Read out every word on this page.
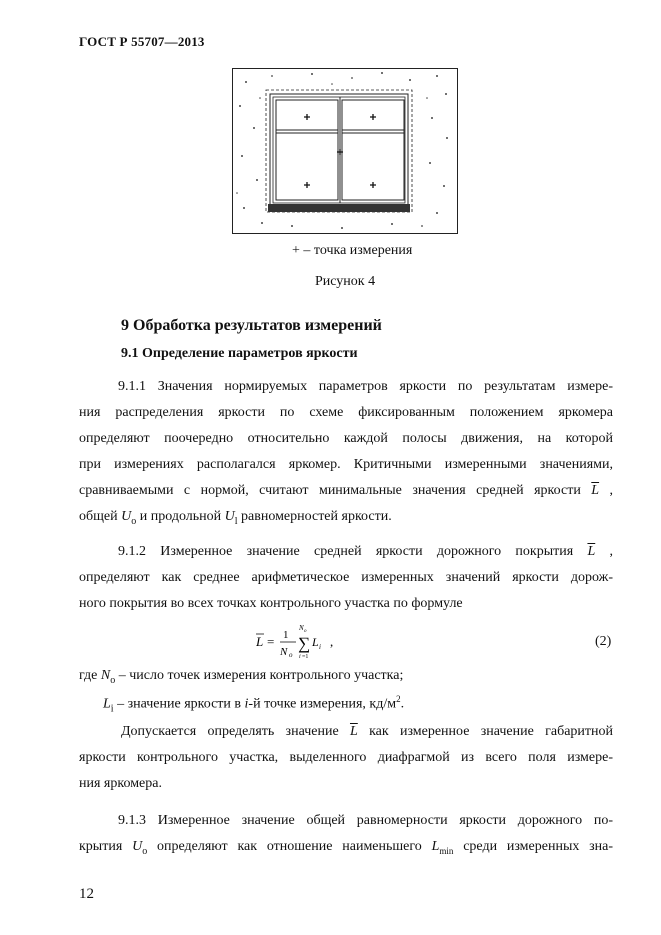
ГОСТ Р 55707—2013
+ – точка измерения
Рисунок 4
9 Обработка результатов измерений
9.1 Определение параметров яркости
9.1.1 Значения нормируемых параметров яркости по результатам измере-
ния распределения яркости по схеме фиксированным положением яркомера
определяют поочередно относительно каждой полосы движения, на которой
при измерениях располагался яркомер. Критичными измеренными значениями,
сравниваемыми с нормой, считают минимальные значения средней яркости $\overline{L}$ ,
общей $U_o$ и продольной $U_l$ равномерностей яркости.
9.1.2 Измеренное значение средней яркости дорожного покрытия $\overline{L}$ ,
определяют как среднее арифметическое измеренных значений яркости дорож-
ного покрытия во всех точках контрольного участка по формуле
L = 1
N o
N o
∑
i =1
L i ,	(2)
где $N_o$ – число точек измерения контрольного участка;
$L_i$ – значение яркости в i-й точке измерения, $кд/м^2$.
Допускается определять значение $\overline{L}$ как измеренное значение габаритной
яркости контрольного участка, выделенного диафрагмой из всего поля измере-
ния яркомера.
9.1.3 Измеренное значение общей равномерности яркости дорожного по-
крытия $U_o$ определяют как отношение наименьшего $L_{min}$ среди измеренных зна-
12
